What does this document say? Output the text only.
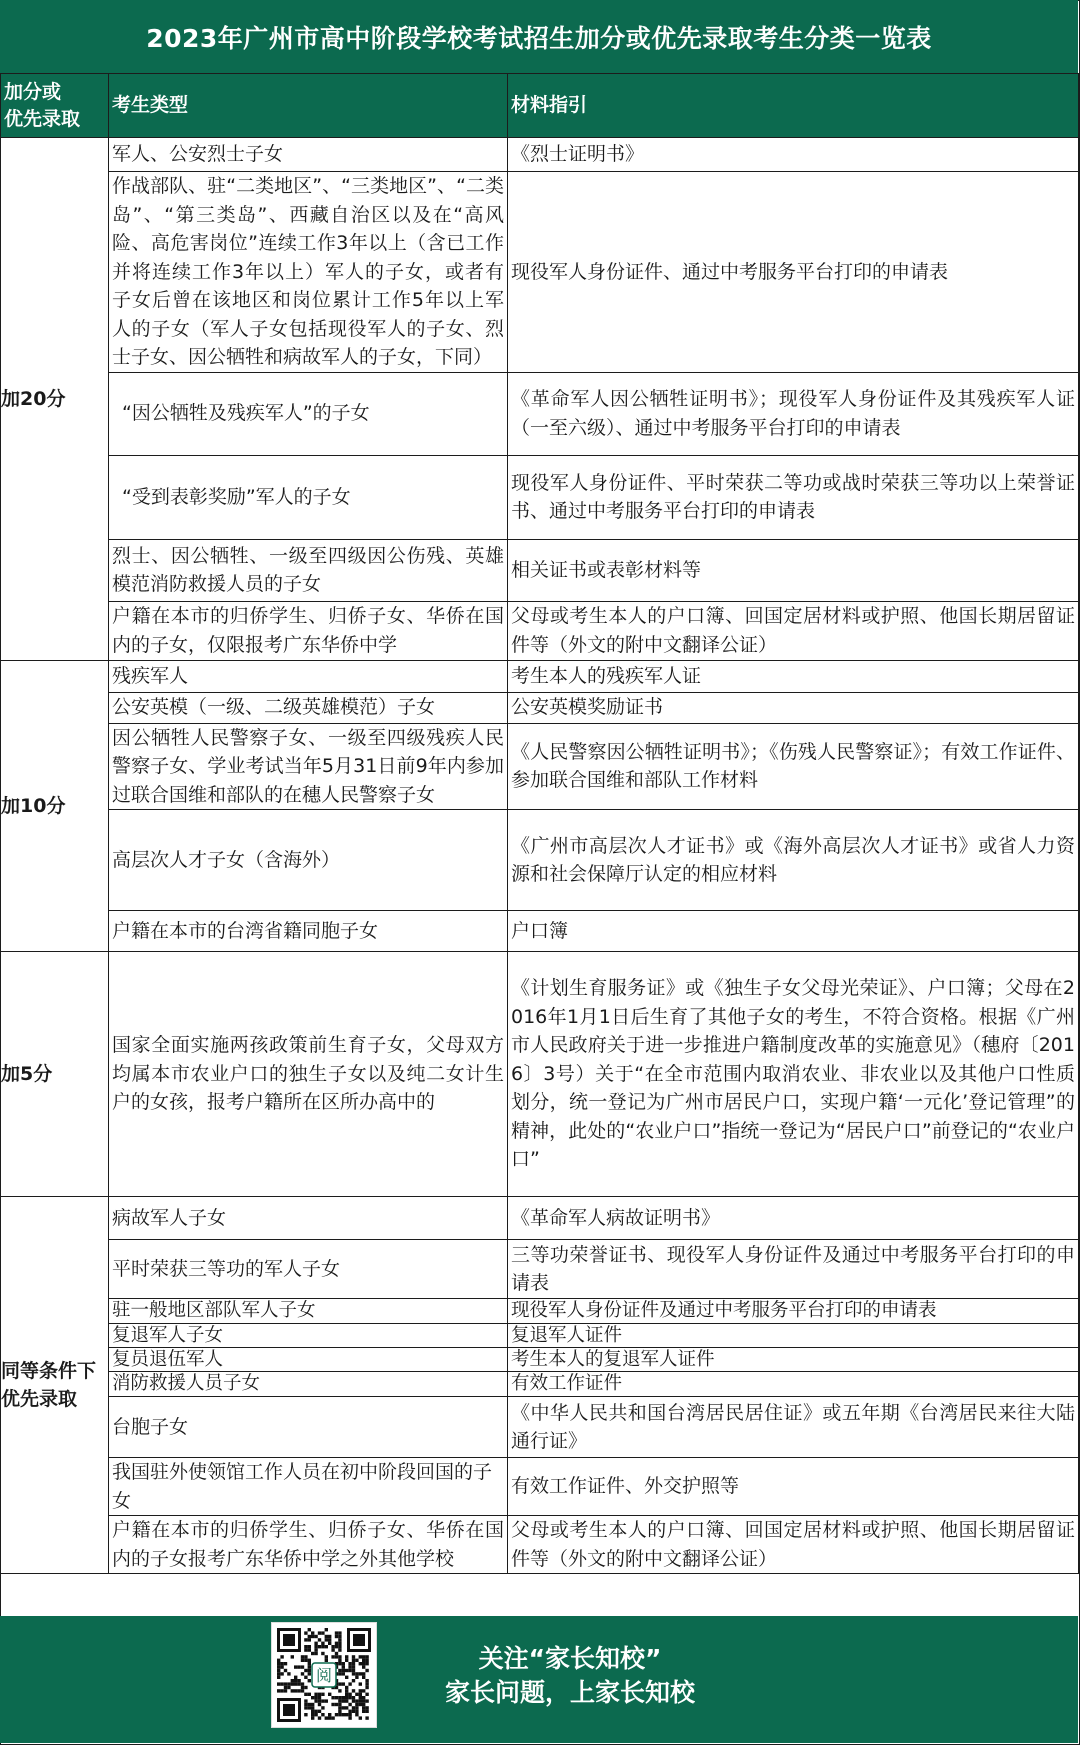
2023年广州市高中阶段学校考试招生加分或优先录取考生分类一览表
加分或
优先录取	考生类型	材料指引
加20分	军人、公安烈士子女	《烈士证明书》
	作战部队、驻“二类地区”、“三类地区”、“二类岛”、“第三类岛”、西藏自治区以及在“高风险、高危害岗位”连续工作3年以上（含已工作并将连续工作3年以上）军人的子女，或者有子女后曾在该地区和岗位累计工作5年以上军人的子女（军人子女包括现役军人的子女、烈士子女、因公牺牲和病故军人的子女，下同）	现役军人身份证件、通过中考服务平台打印的申请表
	“因公牺牲及残疾军人”的子女	《革命军人因公牺牲证明书》；现役军人身份证件及其残疾军人证（一至六级）、通过中考服务平台打印的申请表
	“受到表彰奖励”军人的子女	现役军人身份证件、平时荣获二等功或战时荣获三等功以上荣誉证书、通过中考服务平台打印的申请表
	烈士、因公牺牲、一级至四级因公伤残、英雄模范消防救援人员的子女	相关证书或表彰材料等
	户籍在本市的归侨学生、归侨子女、华侨在国内的子女，仅限报考广东华侨中学	父母或考生本人的户口簿、回国定居材料或护照、他国长期居留证件等（外文的附中文翻译公证）
加10分	残疾军人	考生本人的残疾军人证
	公安英模（一级、二级英雄模范）子女	公安英模奖励证书
	因公牺牲人民警察子女、一级至四级残疾人民警察子女、学业考试当年5月31日前9年内参加过联合国维和部队的在穗人民警察子女	《人民警察因公牺牲证明书》；《伤残人民警察证》；有效工作证件、参加联合国维和部队工作材料
	高层次人才子女（含海外）	《广州市高层次人才证书》或《海外高层次人才证书》或省人力资源和社会保障厅认定的相应材料
	户籍在本市的台湾省籍同胞子女	户口簿
加5分	国家全面实施两孩政策前生育子女，父母双方均属本市农业户口的独生子女以及纯二女计生户的女孩，报考户籍所在区所办高中的	《计划生育服务证》或《独生子女父母光荣证》、户口簿；父母在2016年1月1日后生育了其他子女的考生，不符合资格。根据《广州市人民政府关于进一步推进户籍制度改革的实施意见》（穗府〔2016〕3号）关于“在全市范围内取消农业、非农业以及其他户口性质划分，统一登记为广州市居民户口，实现户籍‘一元化’登记管理”的精神，此处的“农业户口”指统一登记为“居民户口”前登记的“农业户口”
同等条件下
优先录取	病故军人子女	《革命军人病故证明书》
	平时荣获三等功的军人子女	三等功荣誉证书、现役军人身份证件及通过中考服务平台打印的申请表
	驻一般地区部队军人子女	现役军人身份证件及通过中考服务平台打印的申请表
	复退军人子女	复退军人证件
	复员退伍军人	考生本人的复退军人证件
	消防救援人员子女	有效工作证件
	台胞子女	《中华人民共和国台湾居民居住证》或五年期《台湾居民来往大陆通行证》
	我国驻外使领馆工作人员在初中阶段回国的子女	有效工作证件、外交护照等
	户籍在本市的归侨学生、归侨子女、华侨在国内的子女报考广东华侨中学之外其他学校	父母或考生本人的户口簿、回国定居材料或护照、他国长期居留证件等（外文的附中文翻译公证）
阅
关注“家长知校”
家长问题，上家长知校
